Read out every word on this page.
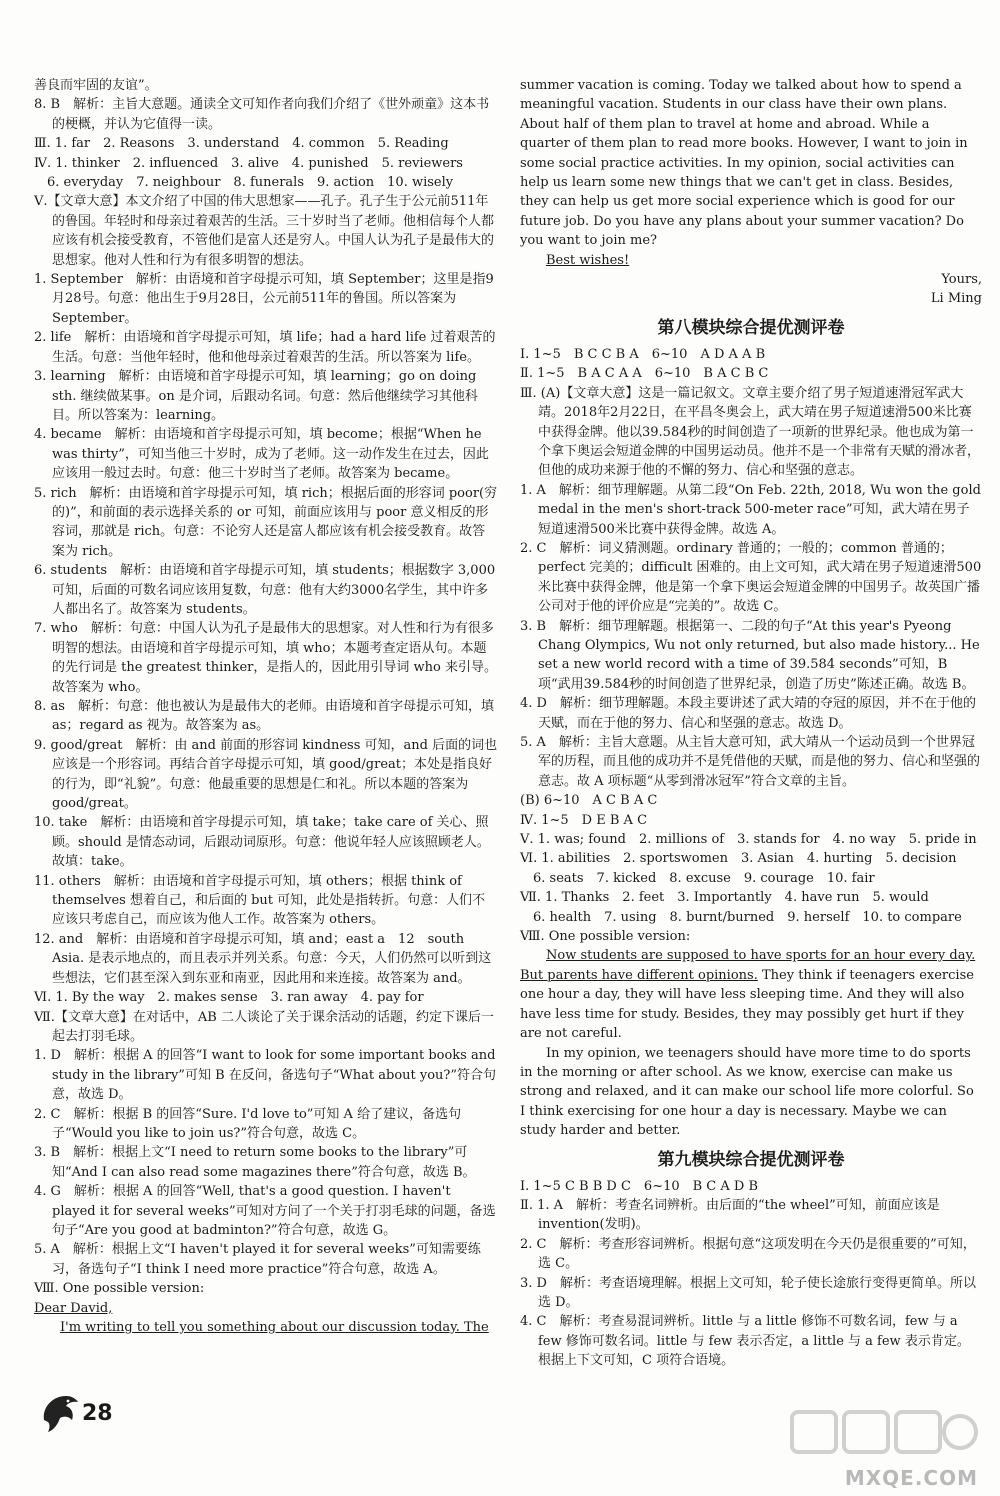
善良而牢固的友谊”。

8. B　解析：主旨大意题。通读全文可知作者向我们介绍了《世外顽童》这本书的梗概，并认为它值得一读。

Ⅲ. 1. far　2. Reasons　3. understand　4. common　5. Reading

Ⅳ. 1. thinker　2. influenced　3. alive　4. punished　5. reviewers

　6. everyday　7. neighbour　8. funerals　9. action　10. wisely

Ⅴ.【文章大意】本文介绍了中国的伟大思想家——孔子。孔子生于公元前511年的鲁国。年轻时和母亲过着艰苦的生活。三十岁时当了老师。他相信每个人都应该有机会接受教育，不管他们是富人还是穷人。中国人认为孔子是最伟大的思想家。他对人性和行为有很多明智的想法。

1. September　解析：由语境和首字母提示可知，填 September；这里是指9月28号。句意：他出生于9月28日，公元前511年的鲁国。所以答案为 September。

2. life　解析：由语境和首字母提示可知，填 life；had a hard life 过着艰苦的生活。句意：当他年轻时，他和他母亲过着艰苦的生活。所以答案为 life。

3. learning　解析：由语境和首字母提示可知，填 learning；go on doing sth. 继续做某事。on 是介词，后跟动名词。句意：然后他继续学习其他科目。所以答案为：learning。

4. became　解析：由语境和首字母提示可知，填 become；根据“When he was thirty”，可知当他三十岁时，成为了老师。这一动作发生在过去，因此应该用一般过去时。句意：他三十岁时当了老师。故答案为 became。

5. rich　解析：由语境和首字母提示可知，填 rich；根据后面的形容词 poor(穷的)”，和前面的表示选择关系的 or 可知，前面应该用与 poor 意义相反的形容词，那就是 rich。句意：不论穷人还是富人都应该有机会接受教育。故答案为 rich。

6. students　解析：由语境和首字母提示可知，填 students；根据数字 3,000可知，后面的可数名词应该用复数，句意：他有大约3000名学生，其中许多人都出名了。故答案为 students。

7. who　解析：句意：中国人认为孔子是最伟大的思想家。对人性和行为有很多明智的想法。由语境和首字母提示可知，填 who；本题考查定语从句。本题的先行词是 the greatest thinker，是指人的，因此用引导词 who 来引导。故答案为 who。

8. as　解析：句意：他也被认为是最伟大的老师。由语境和首字母提示可知，填 as；regard as 视为。故答案为 as。

9. good/great　解析：由 and 前面的形容词 kindness 可知，and 后面的词也应该是一个形容词。再结合首字母提示可知，填 good/great；本处是指良好的行为，即“礼貌”。句意：他最重要的思想是仁和礼。所以本题的答案为 good/great。

10. take　解析：由语境和首字母提示可知，填 take；take care of 关心、照顾。should 是情态动词，后跟动词原形。句意：他说年轻人应该照顾老人。故填：take。

11. others　解析：由语境和首字母提示可知，填 others；根据 think of themselves 想着自己，和后面的 but 可知，此处是指转折。句意：人们不应该只考虑自己，而应该为他人工作。故答案为 others。

12. and　解析：由语境和首字母提示可知，填 and；east a　12　south Asia. 是表示地点的，而且表示并列关系。句意：今天，人们仍然可以听到这些想法，它们甚至深入到东亚和南亚，因此用和来连接。故答案为 and。

Ⅵ. 1. By the way　2. makes sense　3. ran away　4. pay for

Ⅶ.【文章大意】在对话中，AB 二人谈论了关于课余活动的话题，约定下课后一起去打羽毛球。

1. D　解析：根据 A 的回答“I want to look for some important books and study in the library”可知 B 在反问，备选句子“What about you?”符合句意，故选 D。

2. C　解析：根据 B 的回答“Sure. I'd love to”可知 A 给了建议，备选句子“Would you like to join us?”符合句意，故选 C。

3. B　解析：根据上文“I need to return some books to the library”可知“And I can also read some magazines there”符合句意，故选 B。

4. G　解析：根据 A 的回答“Well, that's a good question. I haven't played it for several weeks”可知对方问了一个关于打羽毛球的问题，备选句子“Are you good at badminton?”符合句意，故选 G。

5. A　解析：根据上文“I haven't played it for several weeks”可知需要练习，备选句子“I think I need more practice”符合句意，故选 A。

Ⅷ. One possible version:

Dear David,

I'm writing to tell you something about our discussion today. The

summer vacation is coming. Today we talked about how to spend a meaningful vacation. Students in our class have their own plans. About half of them plan to travel at home and abroad. While a quarter of them plan to read more books. However, I want to join in some social practice activities. In my opinion, social activities can help us learn some new things that we can't get in class. Besides, they can help us get more social experience which is good for our future job. Do you have any plans about your summer vacation? Do you want to join me?

Best wishes!

Yours,

Li Ming

第八模块综合提优测评卷

Ⅰ. 1~5　B C C B A　6~10　A D A A B

Ⅱ. 1~5　B A C A A　6~10　B A C B C

Ⅲ. (A)【文章大意】这是一篇记叙文。文章主要介绍了男子短道速滑冠军武大靖。2018年2月22日，在平昌冬奥会上，武大靖在男子短道速滑500米比赛中获得金牌。他以39.584秒的时间创造了一项新的世界纪录。他也成为第一个拿下奥运会短道金牌的中国男运动员。他并不是一个非常有天赋的滑冰者，但他的成功来源于他的不懈的努力、信心和坚强的意志。

1. A　解析：细节理解题。从第二段“On Feb. 22th, 2018, Wu won the gold medal in the men's short-track 500-meter race”可知，武大靖在男子短道速滑500米比赛中获得金牌。故选 A。

2. C　解析：词义猜测题。ordinary 普通的；一般的；common 普通的；perfect 完美的；difficult 困难的。由上文可知，武大靖在男子短道速滑500米比赛中获得金牌，他是第一个拿下奥运会短道金牌的中国男子。故英国广播公司对于他的评价应是“完美的”。故选 C。

3. B　解析：细节理解题。根据第一、二段的句子“At this year's Pyeong Chang Olympics, Wu not only returned, but also made history... He set a new world record with a time of 39.584 seconds”可知，B 项“武用39.584秒的时间创造了世界纪录，创造了历史”陈述正确。故选 B。

4. D　解析：细节理解题。本段主要讲述了武大靖的夺冠的原因，并不在于他的天赋，而在于他的努力、信心和坚强的意志。故选 D。

5. A　解析：主旨大意题。从主旨大意可知，武大靖从一个运动员到一个世界冠军的历程，而且他的成功并不是凭借他的天赋，而是他的努力、信心和坚强的意志。故 A 项标题“从零到滑冰冠军”符合文章的主旨。

(B) 6~10　A C B A C

Ⅳ. 1~5　D E B A C

Ⅴ. 1. was; found　2. millions of　3. stands for　4. no way　5. pride in

Ⅵ. 1. abilities　2. sportswomen　3. Asian　4. hurting　5. decision

　6. seats　7. kicked　8. excuse　9. courage　10. fair

Ⅶ. 1. Thanks　2. feet　3. Importantly　4. have run　5. would

　6. health　7. using　8. burnt/burned　9. herself　10. to compare

Ⅷ. One possible version:

Now students are supposed to have sports for an hour every day. But parents have different opinions. They think if teenagers exercise one hour a day, they will have less sleeping time. And they will also have less time for study. Besides, they may possibly get hurt if they are not careful.

In my opinion, we teenagers should have more time to do sports in the morning or after school. As we know, exercise can make us strong and relaxed, and it can make our school life more colorful. So I think exercising for one hour a day is necessary. Maybe we can study harder and better.

第九模块综合提优测评卷

Ⅰ. 1~5 C B B D C　6~10　B C A D B

Ⅱ. 1. A　解析：考查名词辨析。由后面的“the wheel”可知，前面应该是 invention(发明)。

2. C　解析：考查形容词辨析。根据句意“这项发明在今天仍是很重要的”可知，选 C。

3. D　解析：考查语境理解。根据上文可知，轮子使长途旅行变得更简单。所以选 D。

4. C　解析：考查易混词辨析。little 与 a little 修饰不可数名词，few 与 a few 修饰可数名词。little 与 few 表示否定，a little 与 a few 表示肯定。根据上下文可知，C 项符合语境。

28
MXQE.COM
